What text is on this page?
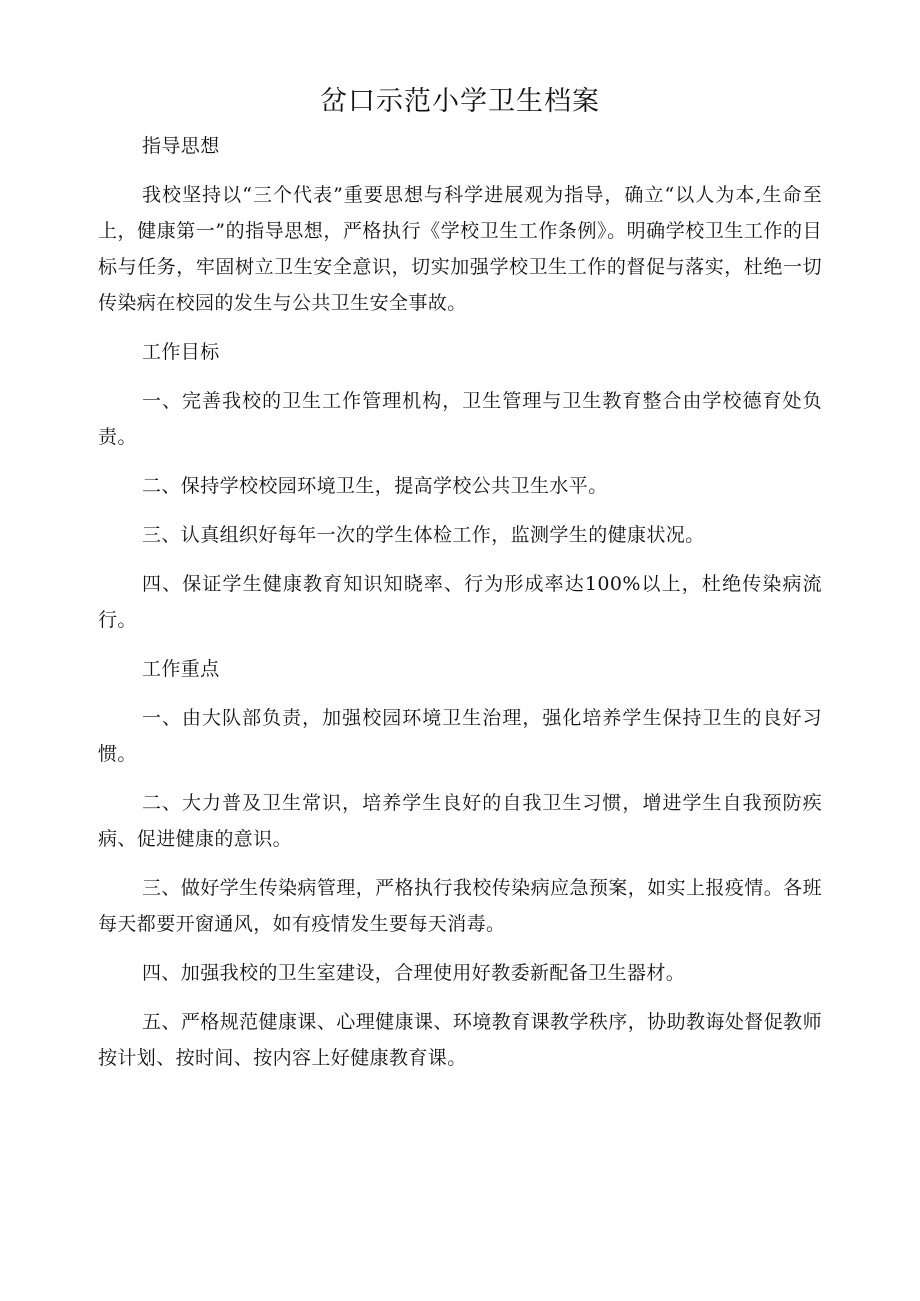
岔口示范小学卫生档案

指导思想

我校坚持以“三个代表”重要思想与科学进展观为指导，确立“以人为本,生命至上，健康第一”的指导思想，严格执行《学校卫生工作条例》。明确学校卫生工作的目标与任务，牢固树立卫生安全意识，切实加强学校卫生工作的督促与落实，杜绝一切传染病在校园的发生与公共卫生安全事故。

工作目标

一、完善我校的卫生工作管理机构，卫生管理与卫生教育整合由学校德育处负责。

二、保持学校校园环境卫生，提高学校公共卫生水平。

三、认真组织好每年一次的学生体检工作，监测学生的健康状况。

四、保证学生健康教育知识知晓率、行为形成率达100%以上，杜绝传染病流行。

工作重点

一、由大队部负责，加强校园环境卫生治理，强化培养学生保持卫生的良好习惯。

二、大力普及卫生常识，培养学生良好的自我卫生习惯，增进学生自我预防疾病、促进健康的意识。

三、做好学生传染病管理，严格执行我校传染病应急预案，如实上报疫情。各班每天都要开窗通风，如有疫情发生要每天消毒。

四、加强我校的卫生室建设，合理使用好教委新配备卫生器材。

五、严格规范健康课、心理健康课、环境教育课教学秩序，协助教诲处督促教师按计划、按时间、按内容上好健康教育课。
